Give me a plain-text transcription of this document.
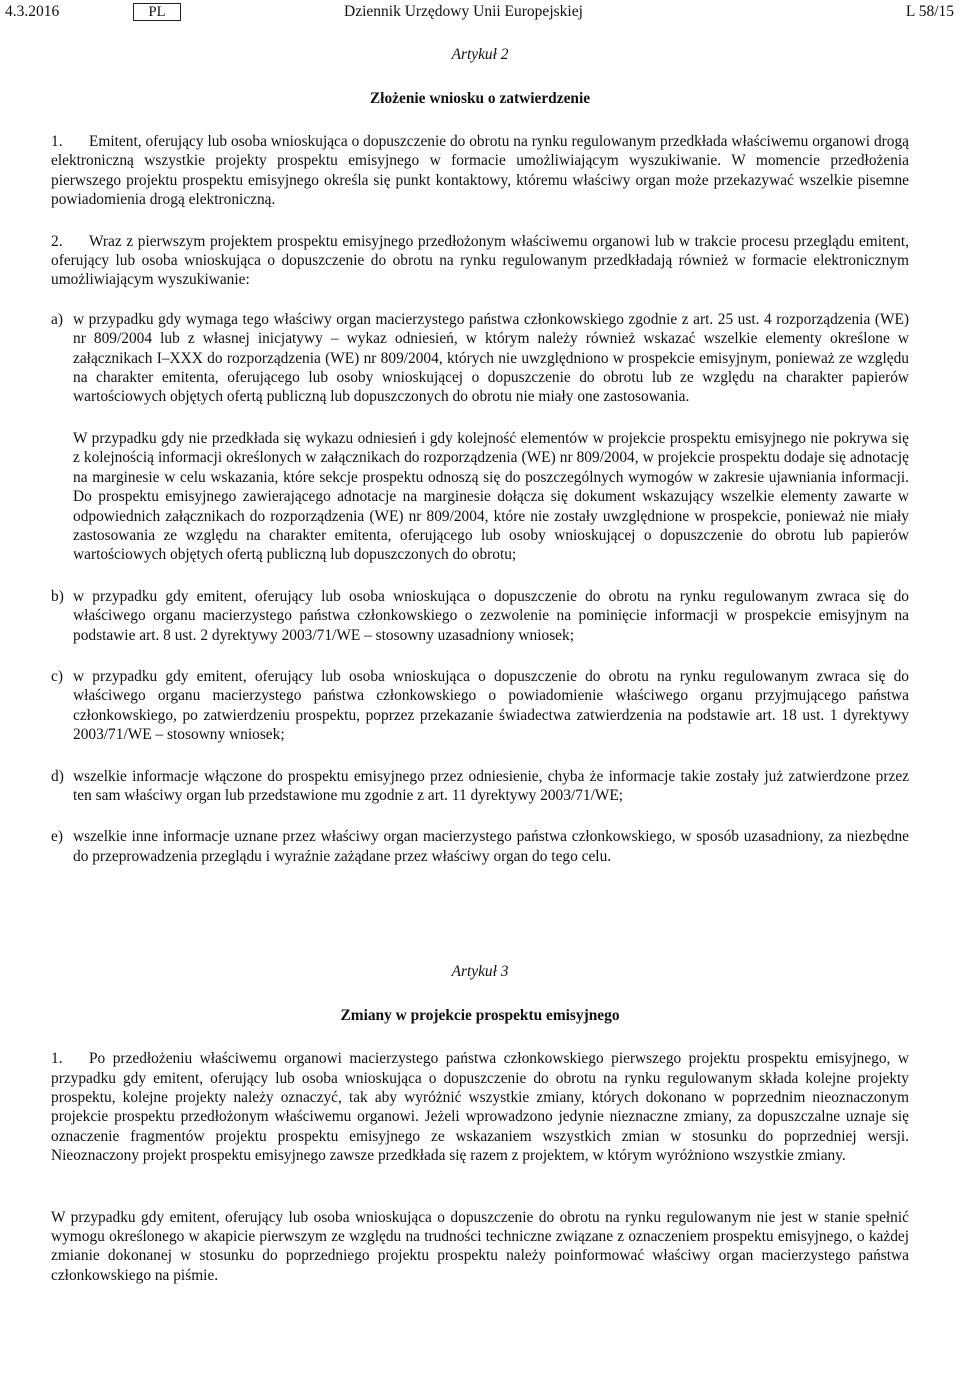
4.3.2016	PL	Dziennik Urzędowy Unii Europejskiej	L 58/15
Artykuł 2
Złożenie wniosku o zatwierdzenie

1. Emitent, oferujący lub osoba wnioskująca o dopuszczenie do obrotu na rynku regulowanym przedkłada właściwemu organowi drogą elektroniczną wszystkie projekty prospektu emisyjnego w formacie umożliwiającym wyszukiwanie. W momencie przedłożenia pierwszego projektu prospektu emisyjnego określa się punkt kontaktowy, któremu właściwy organ może przekazywać wszelkie pisemne powiadomienia drogą elektroniczną.

2. Wraz z pierwszym projektem prospektu emisyjnego przedłożonym właściwemu organowi lub w trakcie procesu przeglądu emitent, oferujący lub osoba wnioskująca o dopuszczenie do obrotu na rynku regulowanym przedkładają również w formacie elektronicznym umożliwiającym wyszukiwanie:

a) w przypadku gdy wymaga tego właściwy organ macierzystego państwa członkowskiego zgodnie z art. 25 ust. 4 rozporządzenia (WE) nr 809/2004 lub z własnej inicjatywy – wykaz odniesień, w którym należy również wskazać wszelkie elementy określone w załącznikach I–XXX do rozporządzenia (WE) nr 809/2004, których nie uwzględniono w prospekcie emisyjnym, ponieważ ze względu na charakter emitenta, oferującego lub osoby wnioskującej o dopuszczenie do obrotu lub ze względu na charakter papierów wartościowych objętych ofertą publiczną lub dopuszczonych do obrotu nie miały one zastosowania.

W przypadku gdy nie przedkłada się wykazu odniesień i gdy kolejność elementów w projekcie prospektu emisyjnego nie pokrywa się z kolejnością informacji określonych w załącznikach do rozporządzenia (WE) nr 809/2004, w projekcie prospektu dodaje się adnotację na marginesie w celu wskazania, które sekcje prospektu odnoszą się do poszczególnych wymogów w zakresie ujawniania informacji. Do prospektu emisyjnego zawierającego adnotacje na marginesie dołącza się dokument wskazujący wszelkie elementy zawarte w odpowiednich załącznikach do rozporządzenia (WE) nr 809/2004, które nie zostały uwzględnione w prospekcie, ponieważ nie miały zastosowania ze względu na charakter emitenta, oferującego lub osoby wnioskującej o dopuszczenie do obrotu lub papierów wartościowych objętych ofertą publiczną lub dopuszczonych do obrotu;

b) w przypadku gdy emitent, oferujący lub osoba wnioskująca o dopuszczenie do obrotu na rynku regulowanym zwraca się do właściwego organu macierzystego państwa członkowskiego o zezwolenie na pominięcie informacji w prospekcie emisyjnym na podstawie art. 8 ust. 2 dyrektywy 2003/71/WE – stosowny uzasadniony wniosek;

c) w przypadku gdy emitent, oferujący lub osoba wnioskująca o dopuszczenie do obrotu na rynku regulowanym zwraca się do właściwego organu macierzystego państwa członkowskiego o powiadomienie właściwego organu przyjmującego państwa członkowskiego, po zatwierdzeniu prospektu, poprzez przekazanie świadectwa zatwierdzenia na podstawie art. 18 ust. 1 dyrektywy 2003/71/WE – stosowny wniosek;

d) wszelkie informacje włączone do prospektu emisyjnego przez odniesienie, chyba że informacje takie zostały już zatwierdzone przez ten sam właściwy organ lub przedstawione mu zgodnie z art. 11 dyrektywy 2003/71/WE;

e) wszelkie inne informacje uznane przez właściwy organ macierzystego państwa członkowskiego, w sposób uzasadniony, za niezbędne do przeprowadzenia przeglądu i wyraźnie zażądane przez właściwy organ do tego celu.

Artykuł 3
Zmiany w projekcie prospektu emisyjnego

1. Po przedłożeniu właściwemu organowi macierzystego państwa członkowskiego pierwszego projektu prospektu emisyjnego, w przypadku gdy emitent, oferujący lub osoba wnioskująca o dopuszczenie do obrotu na rynku regulowanym składa kolejne projekty prospektu, kolejne projekty należy oznaczyć, tak aby wyróżnić wszystkie zmiany, których dokonano w poprzednim nieoznaczonym projekcie prospektu przedłożonym właściwemu organowi. Jeżeli wprowadzono jedynie nieznaczne zmiany, za dopuszczalne uznaje się oznaczenie fragmentów projektu prospektu emisyjnego ze wskazaniem wszystkich zmian w stosunku do poprzedniej wersji. Nieoznaczony projekt prospektu emisyjnego zawsze przedkłada się razem z projektem, w którym wyróżniono wszystkie zmiany.

W przypadku gdy emitent, oferujący lub osoba wnioskująca o dopuszczenie do obrotu na rynku regulowanym nie jest w stanie spełnić wymogu określonego w akapicie pierwszym ze względu na trudności techniczne związane z oznaczeniem prospektu emisyjnego, o każdej zmianie dokonanej w stosunku do poprzedniego projektu prospektu należy poinformować właściwy organ macierzystego państwa członkowskiego na piśmie.
